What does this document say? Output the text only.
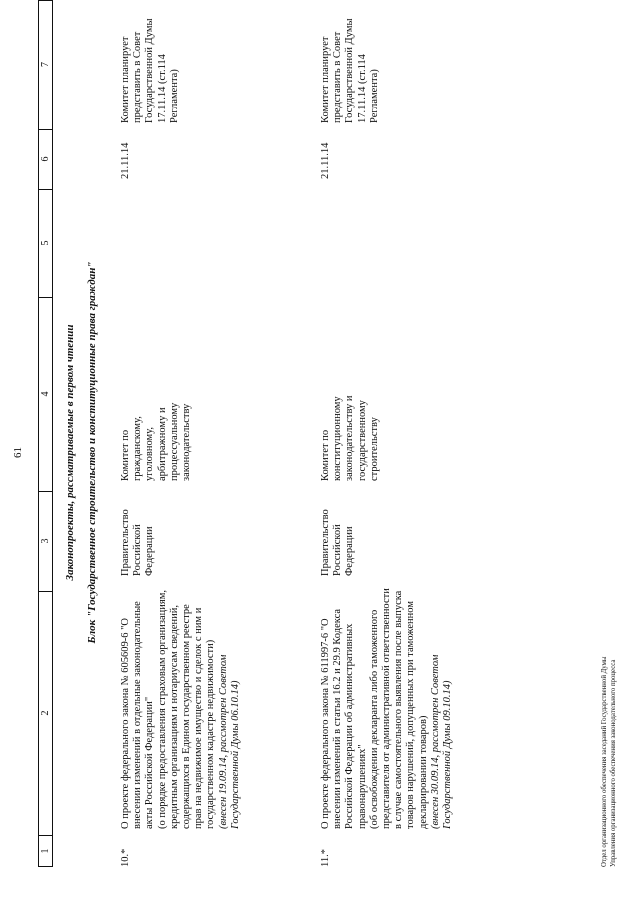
61
1
2
3
4
5
6
7
Законопроекты, рассматриваемые в первом чтении Блок "Государственное строительство и конституционные права граждан"
10.*
О проекте федерального закона № 605609-6 "О внесении изменений в отдельные законодательные акты Российской Федерации" (о порядке предоставления страховым организациям, кредитным организациям и нотариусам сведений, содержащихся в Едином государственном реестре прав на недвижимое имущество и сделок с ним и государственном кадастре недвижимости) (внесен 19.09.14, рассмотрен Советом Государственной Думы 06.10.14)
Правительство Российской Федерации
Комитет по гражданскому, уголовному, арбитражному и процессуальному законодательству
21.11.14
Комитет планирует представить в Совет Государственной Думы 17.11.14 (ст.114 Регламента)
11.*
О проекте федерального закона № 611997-6 "О внесении изменений в статьи 16.2 и 29.9 Кодекса Российской Федерации об административных правонарушениях" (об освобождении декларанта либо таможенного представителя от административной ответственности в случае самостоятельного выявления после выпуска товаров нарушений, допущенных при таможенном декларировании товаров) (внесен 30.09.14, рассмотрен Советом Государственной Думы 09.10.14)
Правительство Российской Федерации
Комитет по конституционному законодательству и государственному строительству
21.11.14
Комитет планирует представить в Совет Государственной Думы 17.11.14 (ст.114 Регламента)
Отдел организационного обеспечения заседаний Государственной Думы Управления организационного обеспечения законодательного процесса
